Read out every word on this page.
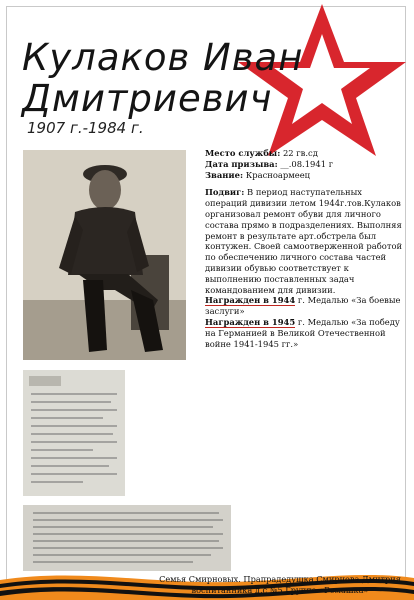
Кулаков Иван
Дмитриевич
1907 г.-1984 г.

Место службы: 22 гв.сд

Дата призыва: __.08.1941 г

Звание: Красноармеец

Подвиг: В период наступательных операций дивизии летом 1944г.тов.Кулаков организовал ремонт обуви для личного состава прямо в подразделениях. Выполняя ремонт в результате арт.обстрела был контужен. Своей самоотверженной работой по обеспечению личного состава частей дивизии обувью соответствует к выполнению поставленных задач командованием для дивизии.

Награжден в 1944 г. Медалью «За боевые заслуги»

Награжден в 1945 г. Медалью «За победу на Германией в Великой Отечественной войне 1941-1945 гг.»

Семья Смирновых. Прапрадедушка Смирнова Дмитрия
воспитанника д.с №5 Группа «Ромашка»
